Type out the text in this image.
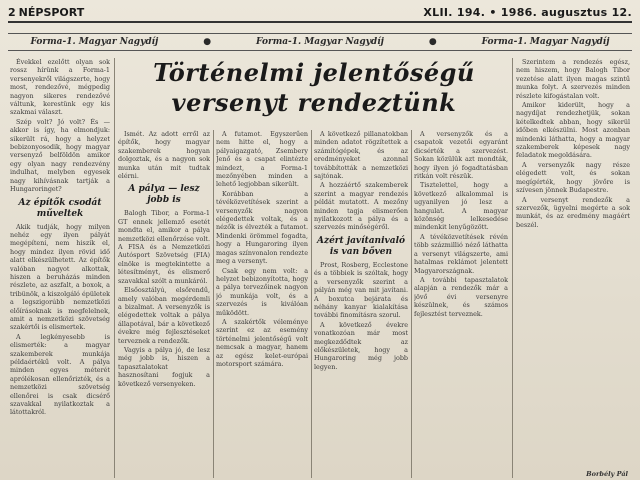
2 NÉPSPORT	XLII. 194. • 1986. augusztus 12.
Forma-1. Magyar Nagydíj	●	Forma-1. Magyar Nagydíj	●	Forma-1. Magyar Nagydíj
Történelmi jelentőségű
versenyt rendeztünk

Évekkel ezelőtt olyan sok rossz hírünk a Forma-1 versenyekről világszerte, hogy most, rendezővé, mégpedig nagyon sikeres rendezővé váltunk, kerestünk egy kis szakmai választ.

Szép volt? Jó volt? És — akkor is így, ha elmondjuk: sikerült rá, hogy a helyzet bebizonyosodik, hogy magyar versenyző belföldön amikor egy olyan nagy rendezvény indulhat, melyben egyesek nagy kihívásnak tartják a Hungaroringet?

Az építők csodát műveltek

Akik tudják, hogy milyen nehéz egy ilyen pályát megépíteni, nem hiszik el, hogy mindez ilyen rövid idő alatt elkészülhetett. Az építők valóban nagyot alkottak, hiszen a beruházás minden részlete, az aszfalt, a boxok, a tribünök, a kiszolgáló épületek a legszigorúbb nemzetközi előírásoknak is megfelelnek, amit a nemzetközi szövetség szakértői is elismertek.

A legkényesebb is elismerték: a magyar szakemberek munkája példaértékű volt. A pálya minden egyes méterét aprólékosan ellenőrizték, és a nemzetközi szövetség ellenőrei is csak dicsérő szavakkal nyilatkoztak a látottakról.

Ismét. Az adott erről az építők, hogy magyar szakemberek hogyan dolgoztak, és a nagyon sok munka után mit tudtak elérni.

A pálya — lesz jobb is

Balogh Tibor, a Forma-1 GT ennek jellemző esetét mondta el, amikor a pálya nemzetközi ellenőrzése volt. A FISA és a Nemzetközi Autósport Szövetség (FIA) elnöke is megtekintette a létesítményt, és elismerő szavakkal szólt a munkáról.

Elsőosztályú, elsőrendű, amely valóban megérdemli a bizalmat. A versenyzők is elégedettek voltak a pálya állapotával, bár a következő évekre még fejlesztéseket terveznek a rendezők.

Vagyis a pálya jó, de lesz még jobb is, hiszen a tapasztalatokat hasznosítani fogjuk a következő versenyeken.

A futamot. Egyszerűen nem hitte el, hogy a pályaigazgató, Zsembery Jenő és a csapat elintézte mindezt, a Forma-1 mezőnyében minden a lehető legjobban sikerült.

Korábban a tévéközvetítések szerint a versenyzők nagyon elégedettek voltak, és a nézők is élvezték a futamot. Mindenki örömmel fogadta, hogy a Hungaroring ilyen magas színvonalon rendezte meg a versenyt.

Csak egy nem volt: a helyzet bebizonyította, hogy a pálya tervezőinek nagyon jó munkája volt, és a szervezés is kiválóan működött.

A szakértők véleménye szerint ez az esemény történelmi jelentőségű volt nemcsak a magyar, hanem az egész kelet-európai motorsport számára.

A következő pillanatokban minden adatot rögzítettek a számítógépek, és az eredményeket azonnal továbbították a nemzetközi sajtónak.

A hozzáértő szakemberek szerint a magyar rendezés példát mutatott. A mezőny minden tagja elismerően nyilatkozott a pálya és a szervezés minőségéről.

Azért javítanivaló is van bőven

Prost, Rosberg, Ecclestone és a többiek is szóltak, hogy a versenyzők szerint a pályán még van mit javítani. A boxutca bejárata és néhány kanyar kialakítása további finomításra szorul.

A következő évekre vonatkozóan már most megkezdődtek az előkészületek, hogy a Hungaroring még jobb legyen.

A versenyzők és a csapatok vezetői egyaránt dicsérték a szervezést. Sokan közülük azt mondták, hogy ilyen jó fogadtatásban ritkán volt részük.

Tisztelettel, hogy a következő alkalommal is ugyanilyen jó lesz a hangulat. A magyar közönség lelkesedése mindenkit lenyűgözött.

A tévéközvetítések révén több százmillió néző láthatta a versenyt világszerte, ami hatalmas reklámot jelentett Magyarországnak.

A további tapasztalatok alapján a rendezők már a jövő évi versenyre készülnek, és számos fejlesztést terveznek.

Szerintem a rendezés egész, nem hiszem, hogy Balogh Tibor vezetése alatt ilyen magas szintű munka folyt. A szervezés minden részlete kifogástalan volt.

Amikor kiderült, hogy a nagydíjat rendezhetjük, sokan kételkedtek abban, hogy sikerül időben elkészülni. Most azonban mindenki láthatta, hogy a magyar szakemberek képesek nagy feladatok megoldására.

A versenyzők nagy része elégedett volt, és sokan megígérték, hogy jövőre is szívesen jönnek Budapestre.

A versenyt rendezők a szervezők, ügyelni megérte a sok munkát, és az eredmény magáért beszél.

Borbély Pál
